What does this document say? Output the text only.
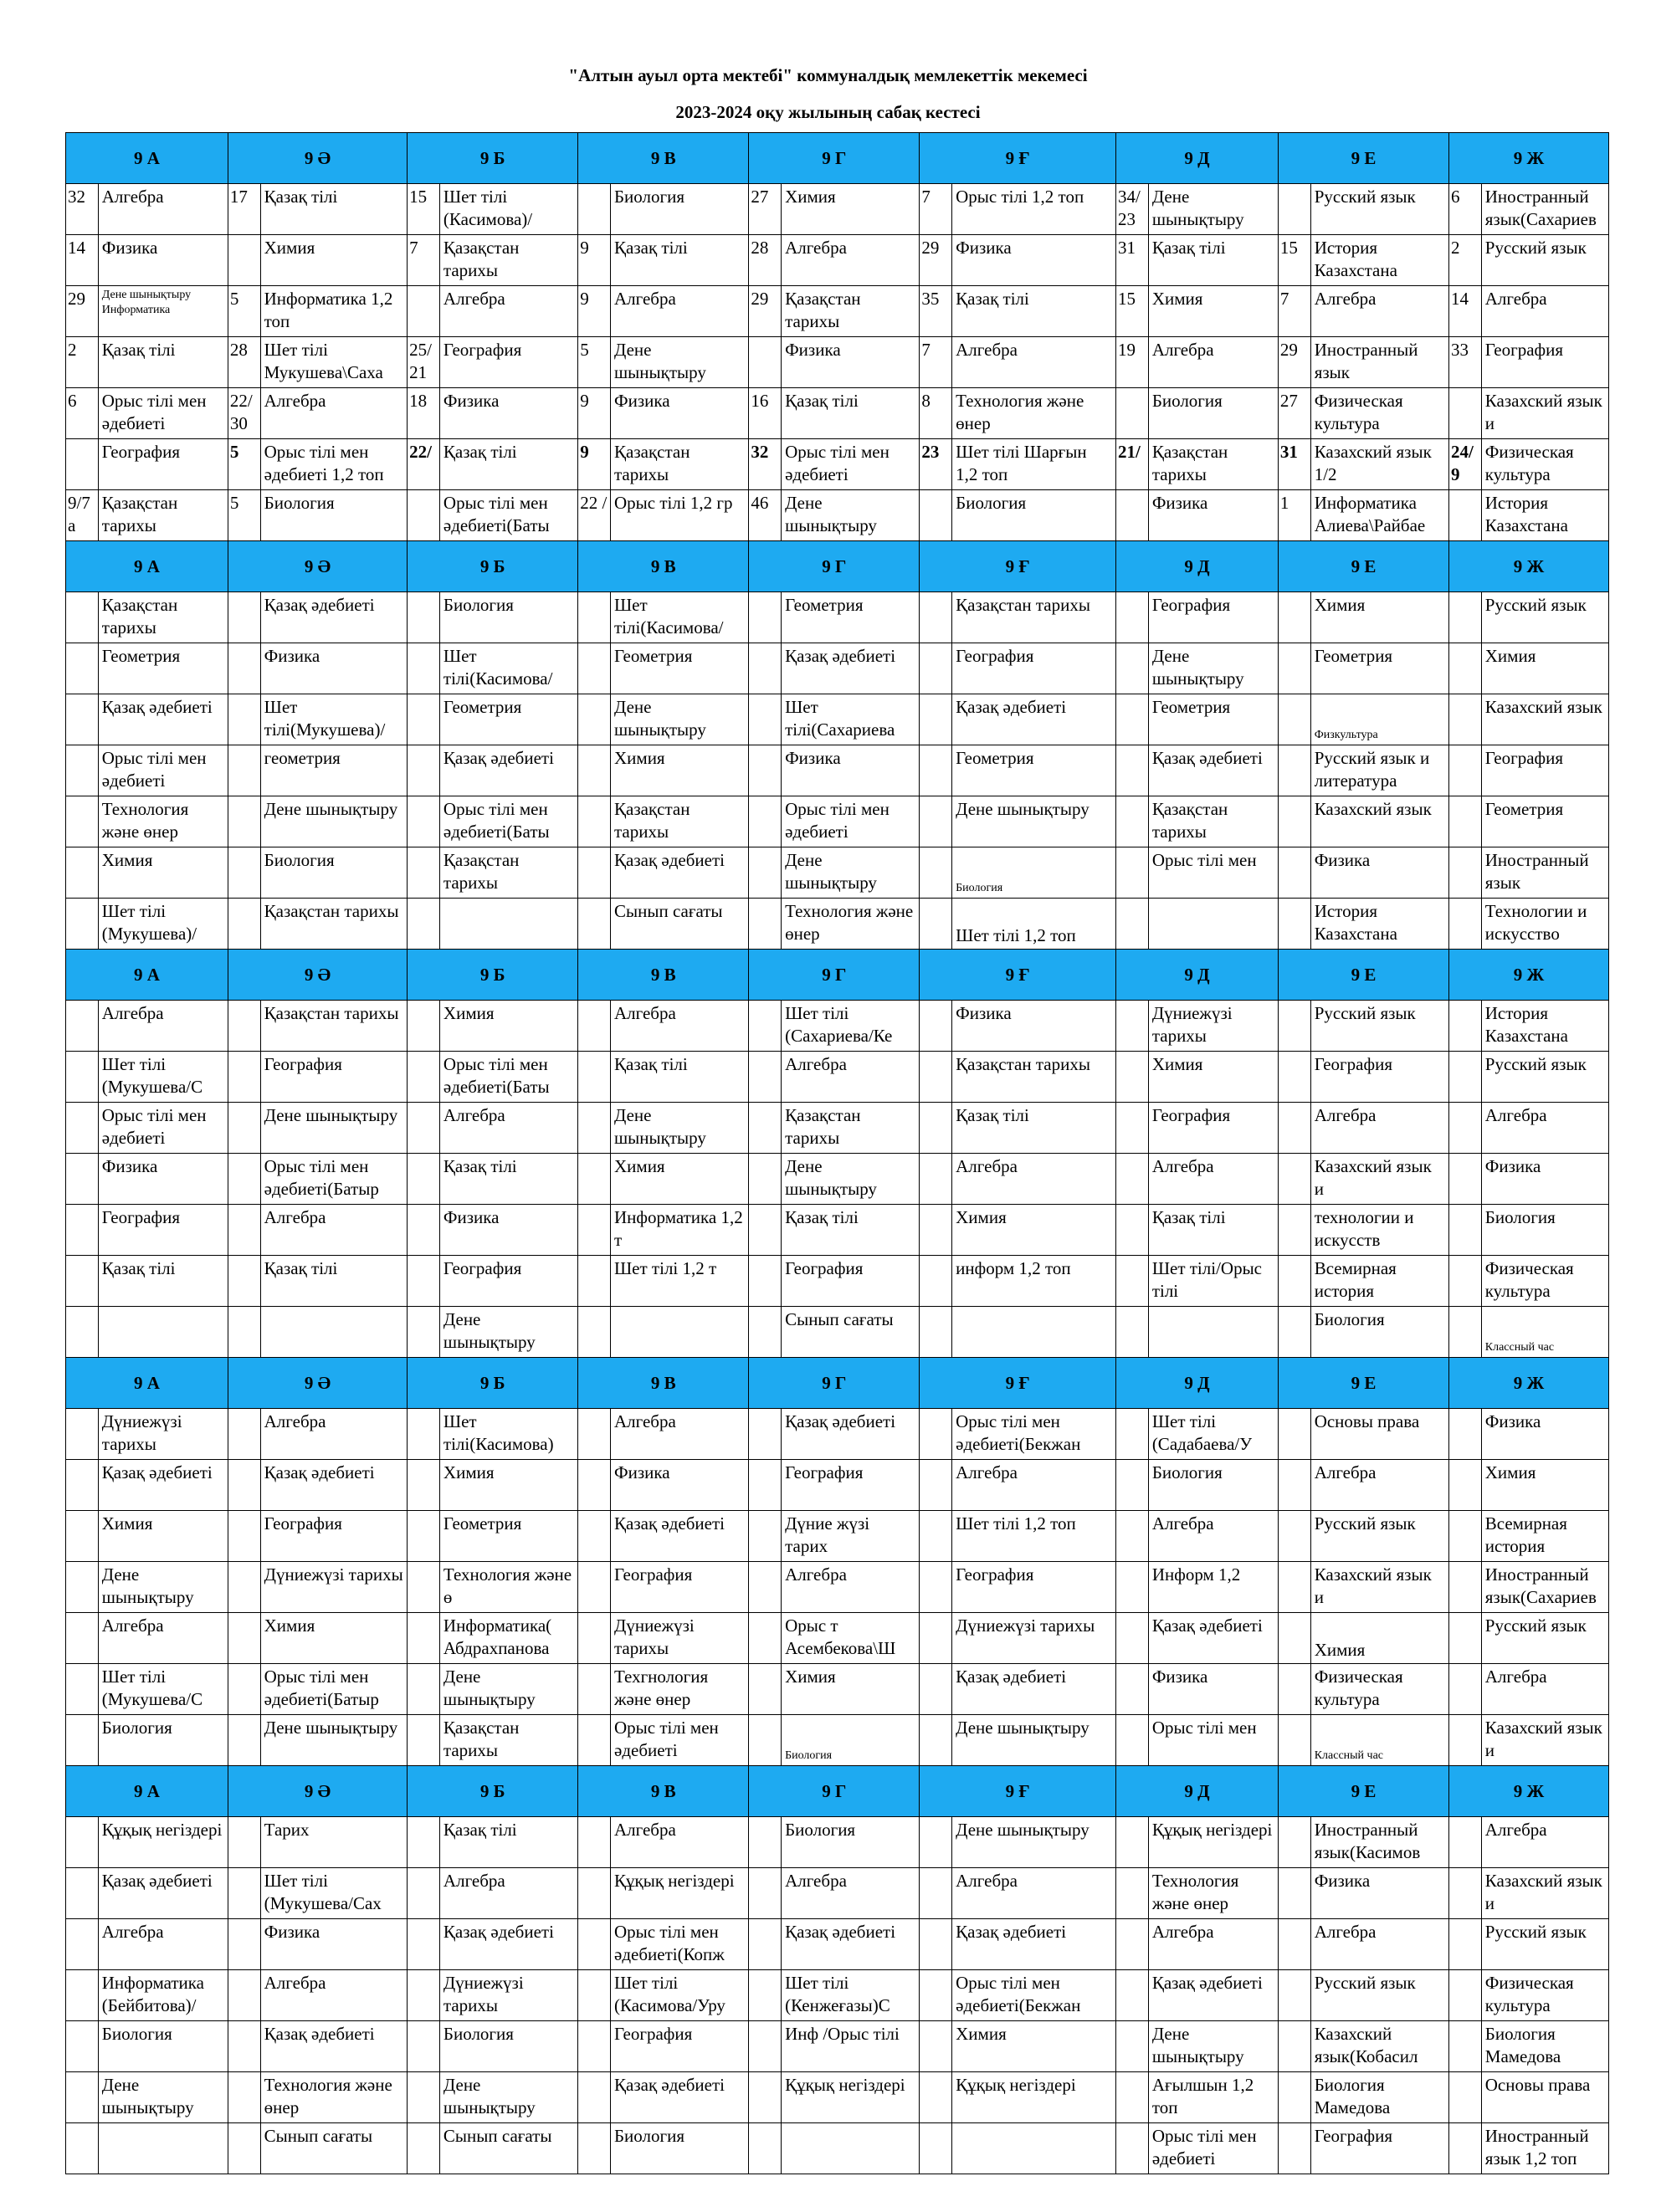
"Алтын ауыл орта мектебі" коммуналдық мемлекеттік мекемесі
2023-2024 оқу жылының сабақ кестесі
9 А		9 Ә		9 Б		9 В		9 Г		9 Ғ		9 Д		9 Е		9 Ж	
32	Алгебра	17	Қазақ тілі	15	Шет тілі (Касимова)/		Биология	27	Химия	7	Орыс тілі 1,2 топ	34/ 23	Дене шынықтыру		Русский язык	6	Иностранный язык(Сахариев
14	Физика		Химия	7	Қазақстан тарихы	9	Қазақ тілі	28	Алгебра	29	Физика	31	Қазақ тілі	15	История Казахстана	2	Русский язык
29	Дене шынықтыру Информатика	5	Информатика 1,2 топ		Алгебра	9	Алгебра	29	Қазақстан тарихы	35	Қазақ тілі	15	Химия	7	Алгебра	14	Алгебра
2	Қазақ тілі	28	Шет тілі Мукушева\Саха	25/ 21	География	5	Дене шынықтыру		Физика	7	Алгебра	19	Алгебра	29	Иностранный язык	33	География
6	Орыс тілі мен әдебиеті	22/ 30	Алгебра	18	Физика	9	Физика	16	Қазақ тілі	8	Технология және өнер		Биология	27	Физическая культура		Казахский язык и
	География	5	Орыс тілі мен әдебиеті 1,2 топ	22/	Қазақ тілі	9	Қазақстан тарихы	32	Орыс тілі мен әдебиеті	23	Шет тілі Шарғын 1,2 топ	21/	Қазақстан тарихы	31	Казахский язык 1/2	24/ 9	Физическая культура
9/7 а	Қазақстан тарихы	5	Биология		Орыс тілі мен әдебиеті(Баты	22 /	Орыс тілі 1,2 гр	46	Дене шынықтыру		Биология		Физика	1	Информатика Алиева\Райбае		История Казахстана
9 А		9 Ә		9 Б		9 В		9 Г		9 Ғ		9 Д		9 Е		9 Ж	
	Қазақстан тарихы		Қазақ әдебиеті		Биология		Шет тілі(Касимова/		Геометрия		Қазақстан тарихы		География		Химия		Русский язык
	Геометрия		Физика		Шет тілі(Касимова/		Геометрия		Қазақ әдебиеті		География		Дене шынықтыру		Геометрия		Химия
	Қазақ әдебиеті		Шет тілі(Мукушева)/		Геометрия		Дене шынықтыру		Шет тілі(Сахариева		Қазақ әдебиеті		Геометрия		Физкультура		Казахский язык
	Орыс тілі мен әдебиеті		геометрия		Қазақ әдебиеті		Химия		Физика		Геометрия		Қазақ әдебиеті		Русский язык и литература		География
	Технология және өнер		Дене шынықтыру		Орыс тілі мен әдебиеті(Баты		Қазақстан тарихы		Орыс тілі мен әдебиеті		Дене шынықтыру		Қазақстан тарихы		Казахский язык		Геометрия
	Химия		Биология		Қазақстан тарихы		Қазақ әдебиеті		Дене шынықтыру		Биология		Орыс тілі мен		Физика		Иностранный язык
	Шет тілі (Мукушева)/		Қазақстан тарихы				Сынып сағаты		Технология және өнер		Шет тілі 1,2 топ				История Казахстана		Технологии и искусство
9 А		9 Ә		9 Б		9 В		9 Г		9 Ғ		9 Д		9 Е		9 Ж	
	Алгебра		Қазақстан тарихы		Химия		Алгебра		Шет тілі (Сахариева/Ке		Физика		Дүниежүзі тарихы		Русский язык		История Казахстана
	Шет тілі (Мукушева/С		География		Орыс тілі мен әдебиеті(Баты		Қазақ тілі		Алгебра		Қазақстан тарихы		Химия		География		Русский язык
	Орыс тілі мен әдебиеті		Дене шынықтыру		Алгебра		Дене шынықтыру		Қазақстан тарихы		Қазақ тілі		География		Алгебра		Алгебра
	Физика		Орыс тілі мен әдебиеті(Батыр		Қазақ тілі		Химия		Дене шынықтыру		Алгебра		Алгебра		Казахский язык и		Физика
	География		Алгебра		Физика		Информатика 1,2 т		Қазақ тілі		Химия		Қазақ тілі		технологии и искусств		Биология
	Қазақ тілі		Қазақ тілі		География		Шет тілі 1,2 т		География		информ 1,2 топ		Шет тілі/Орыс тілі		Всемирная история		Физическая культура
					Дене шынықтыру				Сынып сағаты						Биология		Классный час
9 А		9 Ә		9 Б		9 В		9 Г		9 Ғ		9 Д		9 Е		9 Ж	
	Дүниежүзі тарихы		Алгебра		Шет тілі(Касимова)		Алгебра		Қазақ әдебиеті		Орыс тілі мен әдебиеті(Бекжан		Шет тілі (Садабаева/У		Основы права		Физика
	Қазақ әдебиеті		Қазақ әдебиеті		Химия		Физика		География		Алгебра		Биология		Алгебра		Химия
	Химия		География		Геометрия		Қазақ әдебиеті		Дүние жүзі тарих		Шет тілі 1,2 топ		Алгебра		Русский язык		Всемирная история
	Дене шынықтыру		Дүниежүзі тарихы		Технология және ө		География		Алгебра		География		Информ 1,2		Казахский язык и		Иностранный язык(Сахариев
	Алгебра		Химия		Информатика( Абдрахпанова		Дүниежүзі тарихы		Орыс т Асембекова\Ш		Дүниежүзі тарихы		Қазақ әдебиеті		Химия		Русский язык
	Шет тілі (Мукушева/С		Орыс тілі мен әдебиеті(Батыр		Дене шынықтыру		Техгнология және өнер		Химия		Қазақ әдебиеті		Физика		Физическая культура		Алгебра
	Биология		Дене шынықтыру		Қазақстан тарихы		Орыс тілі мен әдебиеті		Биология		Дене шынықтыру		Орыс тілі мен		Классный час		Казахский язык и
9 А		9 Ә		9 Б		9 В		9 Г		9 Ғ		9 Д		9 Е		9 Ж	
	Құқық негіздері		Тарих		Қазақ тілі		Алгебра		Биология		Дене шынықтыру		Құқық негіздері		Иностранный язык(Касимов		Алгебра
	Қазақ әдебиеті		Шет тілі (Мукушева/Сах		Алгебра		Құқық негіздері		Алгебра		Алгебра		Технология және өнер		Физика		Казахский язык и
	Алгебра		Физика		Қазақ әдебиеті		Орыс тілі мен әдебиеті(Копж		Қазақ әдебиеті		Қазақ әдебиеті		Алгебра		Алгебра		Русский язык
	Информатика (Бейбитова)/		Алгебра		Дүниежүзі тарихы		Шет тілі (Касимова/Уру		Шет тілі (Кенжеғазы)С		Орыс тілі мен әдебиеті(Бекжан		Қазақ әдебиеті		Русский язык		Физическая культура
	Биология		Қазақ әдебиеті		Биология		География		Инф /Орыс тілі		Химия		Дене шынықтыру		Казахский язык(Кобасил		Биология Мамедова
	Дене шынықтыру		Технология және өнер		Дене шынықтыру		Қазақ әдебиеті		Құқық негіздері		Құқық негіздері		Ағылшын 1,2 топ		Биология Мамедова		Основы права
			Сынып сағаты		Сынып сағаты		Биология						Орыс тілі мен әдебиеті		География		Иностранный язык 1,2 топ
